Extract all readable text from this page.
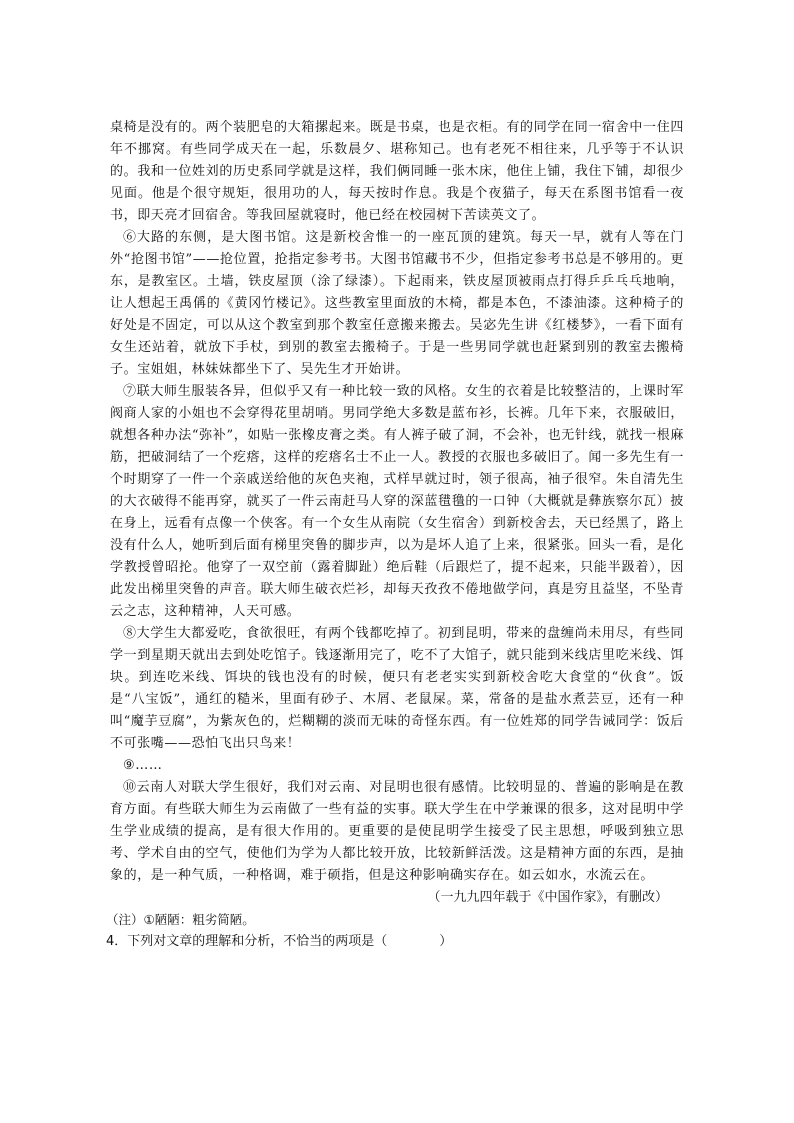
桌椅是没有的。两个装肥皂的大箱摞起来。既是书桌，也是衣柜。有的同学在同一宿舍中一住四年不挪窝。有些同学成天在一起，乐数晨夕、堪称知己。也有老死不相往来，几乎等于不认识的。我和一位姓刘的历史系同学就是这样，我们俩同睡一张木床，他住上铺，我住下铺，却很少见面。他是个很守规矩，很用功的人，每天按时作息。我是个夜猫子，每天在系图书馆看一夜书，即天亮才回宿舍。等我回屋就寝时，他已经在校园树下苦读英文了。

⑥大路的东侧，是大图书馆。这是新校舍惟一的一座瓦顶的建筑。每天一早，就有人等在门外“抢图书馆”——抢位置，抢指定参考书。大图书馆藏书不少，但指定参考书总是不够用的。更东，是教室区。土墙，铁皮屋顶（涂了绿漆）。下起雨来，铁皮屋顶被雨点打得乒乒乓乓地响，让人想起王禹偁的《黄冈竹楼记》。这些教室里面放的木椅，都是本色，不漆油漆。这种椅子的好处是不固定，可以从这个教室到那个教室任意搬来搬去。吴宓先生讲《红楼梦》，一看下面有女生还站着，就放下手杖，到别的教室去搬椅子。于是一些男同学就也赶紧到别的教室去搬椅子。宝姐姐，林妹妹都坐下了、吴先生才开始讲。

⑦联大师生服装各异，但似乎又有一种比较一致的风格。女生的衣着是比较整洁的，上课时军阀商人家的小姐也不会穿得花里胡哨。男同学绝大多数是蓝布衫，长裤。几年下来，衣服破旧，就想各种办法“弥补”，如贴一张橡皮膏之类。有人裤子破了洞，不会补，也无针线，就找一根麻筋，把破洞结了一个疙瘩，这样的疙瘩名士不止一人。教授的衣服也多破旧了。闻一多先生有一个时期穿了一件一个亲戚送给他的灰色夹袍，式样早就过时，领子很高，袖子很窄。朱自清先生的大衣破得不能再穿，就买了一件云南赶马人穿的深蓝氆氇的一口钟（大概就是彝族察尔瓦）披在身上，远看有点像一个侠客。有一个女生从南院（女生宿舍）到新校舍去，天已经黑了，路上没有什么人，她听到后面有梯里突鲁的脚步声，以为是坏人追了上来，很紧张。回头一看，是化学教授曾昭抡。他穿了一双空前（露着脚趾）绝后鞋（后跟烂了，提不起来，只能半趿着），因此发出梯里突鲁的声音。联大师生破衣烂衫，却每天孜孜不倦地做学问，真是穷且益坚，不坠青云之志，这种精神，人天可感。

⑧大学生大都爱吃，食欲很旺，有两个钱都吃掉了。初到昆明，带来的盘缠尚未用尽，有些同学一到星期天就出去到处吃馆子。钱逐渐用完了，吃不了大馆子，就只能到米线店里吃米线、饵块。到连吃米线、饵块的钱也没有的时候，便只有老老实实到新校舍吃大食堂的“伙食”。饭是“八宝饭”，通红的糙米，里面有砂子、木屑、老鼠屎。菜，常备的是盐水煮芸豆，还有一种叫“魔芋豆腐”，为紫灰色的，烂糊糊的淡而无味的奇怪东西。有一位姓郑的同学告诫同学：饭后不可张嘴——恐怕飞出只鸟来！

⑨……

⑩云南人对联大学生很好，我们对云南、对昆明也很有感情。比较明显的、普遍的影响是在教育方面。有些联大师生为云南做了一些有益的实事。联大学生在中学兼课的很多，这对昆明中学生学业成绩的提高，是有很大作用的。更重要的是使昆明学生接受了民主思想，呼吸到独立思考、学术自由的空气，使他们为学为人都比较开放，比较新鲜活泼。这是精神方面的东西，是抽象的，是一种气质，一种格调，难于硕指，但是这种影响确实存在。如云如水，水流云在。

（一九九四年载于《中国作家》，有删改）

（注）①陋陋：粗劣简陋。

4．下列对文章的理解和分析，不恰当的两项是（　　　　）
